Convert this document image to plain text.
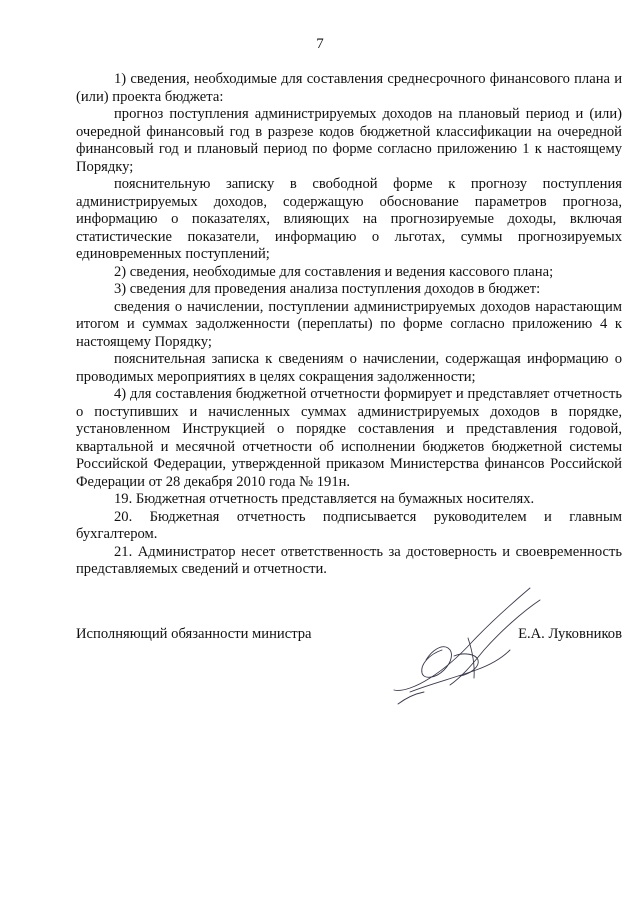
7

1) сведения, необходимые для составления среднесрочного финансового плана и (или) проекта бюджета:

прогноз поступления администрируемых доходов на плановый период и (или) очередной финансовый год в разрезе кодов бюджетной классификации на очередной финансовый год и плановый период по форме согласно приложению 1 к настоящему Порядку;

пояснительную записку в свободной форме к прогнозу поступления администрируемых доходов, содержащую обоснование параметров прогноза, информацию о показателях, влияющих на прогнозируемые доходы, включая статистические показатели, информацию о льготах, суммы прогнозируемых единовременных поступлений;

2) сведения, необходимые для составления и ведения кассового плана;

3) сведения для проведения анализа поступления доходов в бюджет:

сведения о начислении, поступлении администрируемых доходов нарастающим итогом и суммах задолженности (переплаты) по форме согласно приложению 4 к настоящему Порядку;

пояснительная записка к сведениям о начислении, содержащая информацию о проводимых мероприятиях в целях сокращения задолженности;

4) для составления бюджетной отчетности формирует и представляет отчетность о поступивших и начисленных суммах администрируемых доходов в порядке, установленном Инструкцией о порядке составления и представления годовой, квартальной и месячной отчетности об исполнении бюджетов бюджетной системы Российской Федерации, утвержденной приказом Министерства финансов Российской Федерации от 28 декабря 2010 года № 191н.

19. Бюджетная отчетность представляется на бумажных носителях.

20. Бюджетная отчетность подписывается руководителем и главным бухгалтером.

21. Администратор несет ответственность за достоверность и своевременность представляемых сведений и отчетности.

Исполняющий обязанности министра	Е.А. Луковников
